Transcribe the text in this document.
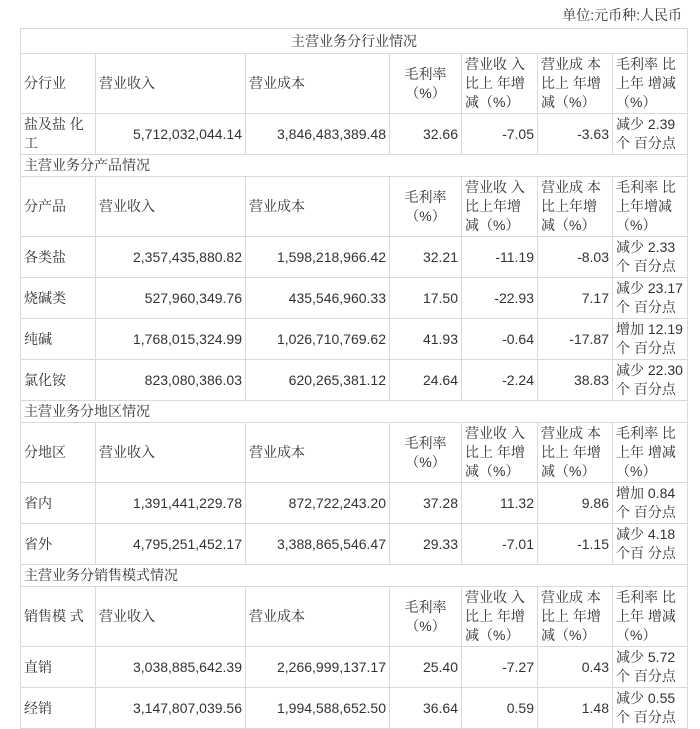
单位:元币种:人民币
主营业务分行业情况						
分行业	营业收入	营业成本	毛利率（%）	营业收 入比上 年增减（%）	营业成 本比上 年增减（%）	毛利率 比上年 增减（%）
盐及盐 化工	5,712,032,044.14	3,846,483,389.48	32.66	-7.05	-3.63	减少 2.39 个 百分点
主营业务分产品情况						
分产品	营业收入	营业成本	毛利率（%）	营业收 入比上年增减（%）	营业成 本比上年增减（%）	毛利率 比上年增减（%）
各类盐	2,357,435,880.82	1,598,218,966.42	32.21	-11.19	-8.03	减少 2.33 个 百分点
烧碱类	527,960,349.76	435,546,960.33	17.50	-22.93	7.17	减少 23.17 个 百分点
纯碱	1,768,015,324.99	1,026,710,769.62	41.93	-0.64	-17.87	增加 12.19 个 百分点
氯化铵	823,080,386.03	620,265,381.12	24.64	-2.24	38.83	减少 22.30 个 百分点
主营业务分地区情况						
分地区	营业收入	营业成本	毛利率（%）	营业收 入比上 年增减（%）	营业成 本比上 年增减（%）	毛利率 比上年 增减（%）
省内	1,391,441,229.78	872,722,243.20	37.28	11.32	9.86	增加 0.84 个 百分点
省外	4,795,251,452.17	3,388,865,546.47	29.33	-7.01	-1.15	减少 4.18 个百 分点
主营业务分销售模式情况						
销售模 式	营业收入	营业成本	毛利率（%）	营业收 入比上 年增减（%）	营业成 本比上 年增减（%）	毛利率 比上年 增减（%）
直销	3,038,885,642.39	2,266,999,137.17	25.40	-7.27	0.43	减少 5.72 个 百分点
经销	3,147,807,039.56	1,994,588,652.50	36.64	0.59	1.48	减少 0.55 个 百分点
